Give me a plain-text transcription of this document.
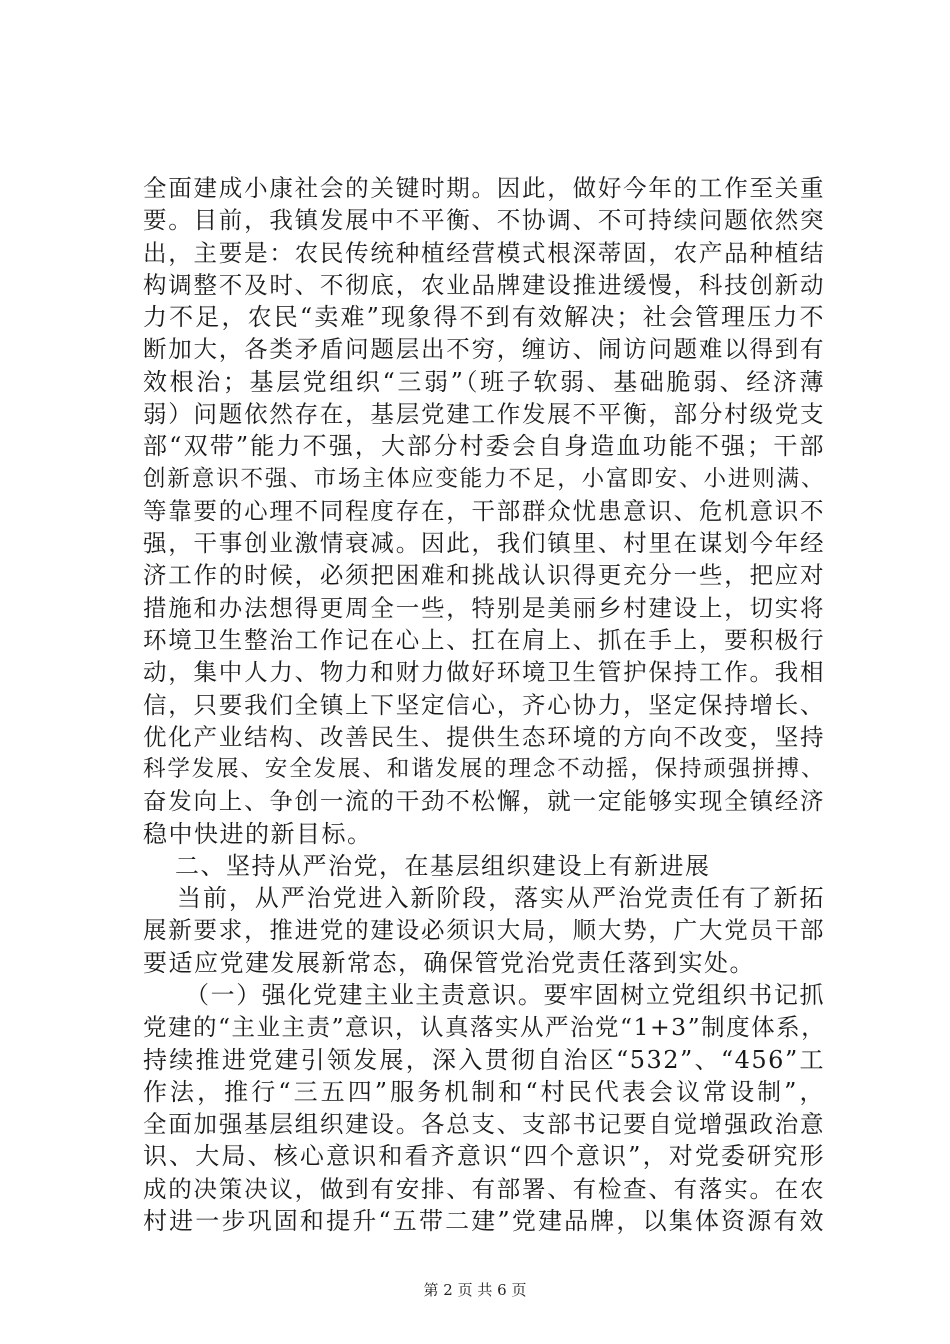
全面建成小康社会的关键时期。因此，做好今年的工作至关重
要。目前，我镇发展中不平衡、不协调、不可持续问题依然突
出，主要是：农民传统种植经营模式根深蒂固，农产品种植结
构调整不及时、不彻底，农业品牌建设推进缓慢，科技创新动
力不足，农民“卖难”现象得不到有效解决；社会管理压力不
断加大，各类矛盾问题层出不穷，缠访、闹访问题难以得到有
效根治；基层党组织“三弱”（班子软弱、基础脆弱、经济薄
弱）问题依然存在，基层党建工作发展不平衡，部分村级党支
部“双带”能力不强，大部分村委会自身造血功能不强；干部
创新意识不强、市场主体应变能力不足，小富即安、小进则满、
等靠要的心理不同程度存在，干部群众忧患意识、危机意识不
强，干事创业激情衰减。因此，我们镇里、村里在谋划今年经
济工作的时候，必须把困难和挑战认识得更充分一些，把应对
措施和办法想得更周全一些，特别是美丽乡村建设上，切实将
环境卫生整治工作记在心上、扛在肩上、抓在手上，要积极行
动，集中人力、物力和财力做好环境卫生管护保持工作。我相
信，只要我们全镇上下坚定信心，齐心协力，坚定保持增长、
优化产业结构、改善民生、提供生态环境的方向不改变，坚持
科学发展、安全发展、和谐发展的理念不动摇，保持顽强拼搏、
奋发向上、争创一流的干劲不松懈，就一定能够实现全镇经济
稳中快进的新目标。
二、坚持从严治党，在基层组织建设上有新进展
当前，从严治党进入新阶段，落实从严治党责任有了新拓
展新要求，推进党的建设必须识大局，顺大势，广大党员干部
要适应党建发展新常态，确保管党治党责任落到实处。
（一）强化党建主业主责意识。要牢固树立党组织书记抓
党建的“主业主责”意识，认真落实从严治党“1+3”制度体系，
持续推进党建引领发展，深入贯彻自治区“532”、“456”工
作法，推行“三五四”服务机制和“村民代表会议常设制”，
全面加强基层组织建设。各总支、支部书记要自觉增强政治意
识、大局、核心意识和看齐意识“四个意识”，对党委研究形
成的决策决议，做到有安排、有部署、有检查、有落实。在农
村进一步巩固和提升“五带二建”党建品牌，以集体资源有效
第 2 页 共 6 页
